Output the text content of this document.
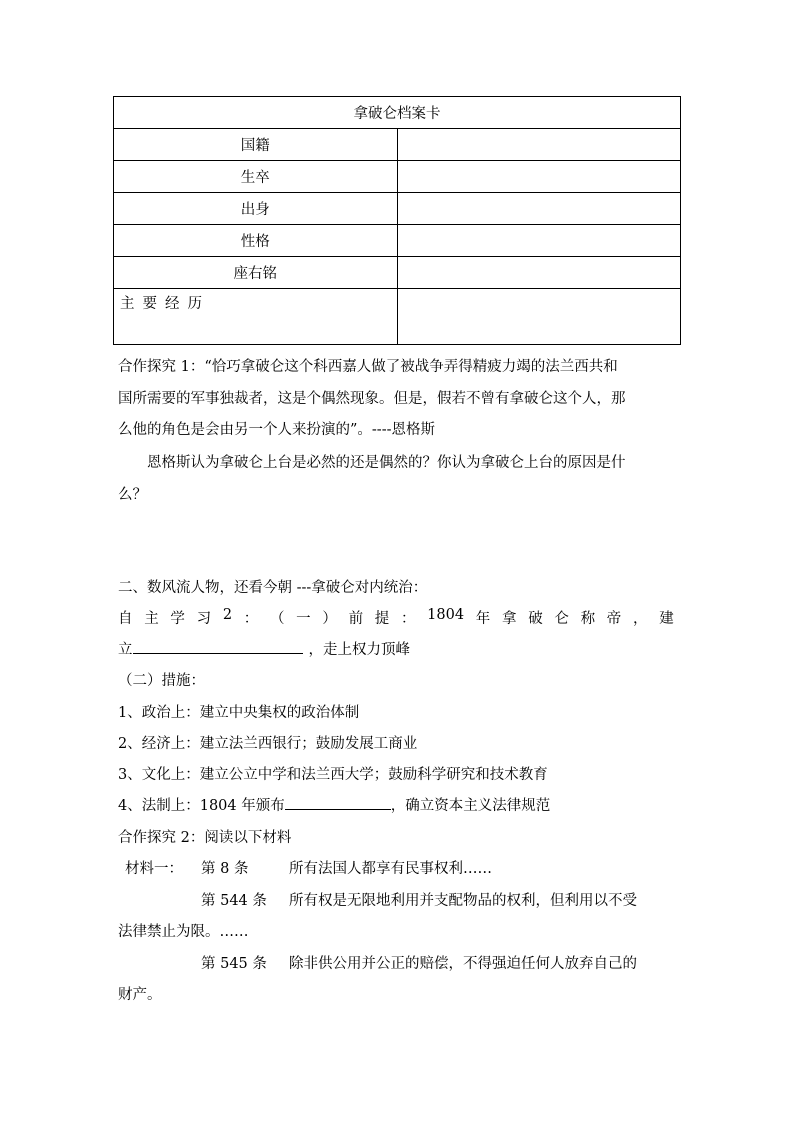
拿破仑档案卡	
国籍	
生卒	
出身	
性格	
座右铭	
主要经历	
合作探究 1：“恰巧拿破仑这个科西嘉人做了被战争弄得精疲力竭的法兰西共和
国所需要的军事独裁者，这是个偶然现象。但是，假若不曾有拿破仑这个人，那
么他的角色是会由另一个人来扮演的”。----恩格斯
恩格斯认为拿破仑上台是必然的还是偶然的？你认为拿破仑上台的原因是什
么？
二、数风流人物，还看今朝 ---拿破仑对内统治：
自 主 学 习 2 ： （ 一 ） 前 提 ： 1804 年 拿 破 仑 称 帝 ， 建
立	，走上权力顶峰
（二）措施：
1、政治上：建立中央集权的政治体制
2、经济上：建立法兰西银行；鼓励发展工商业
3、文化上：建立公立中学和法兰西大学；鼓励科学研究和技术教育
4、法制上：1804 年颁布	，确立资本主义法律规范
合作探究 2：阅读以下材料
材料一： 第 8 条	所有法国人都享有民事权利……
第 544 条 所有权是无限地利用并支配物品的权利，但利用以不受
法律禁止为限。……
第 545 条 除非供公用并公正的赔偿，不得强迫任何人放弃自己的
财产。
